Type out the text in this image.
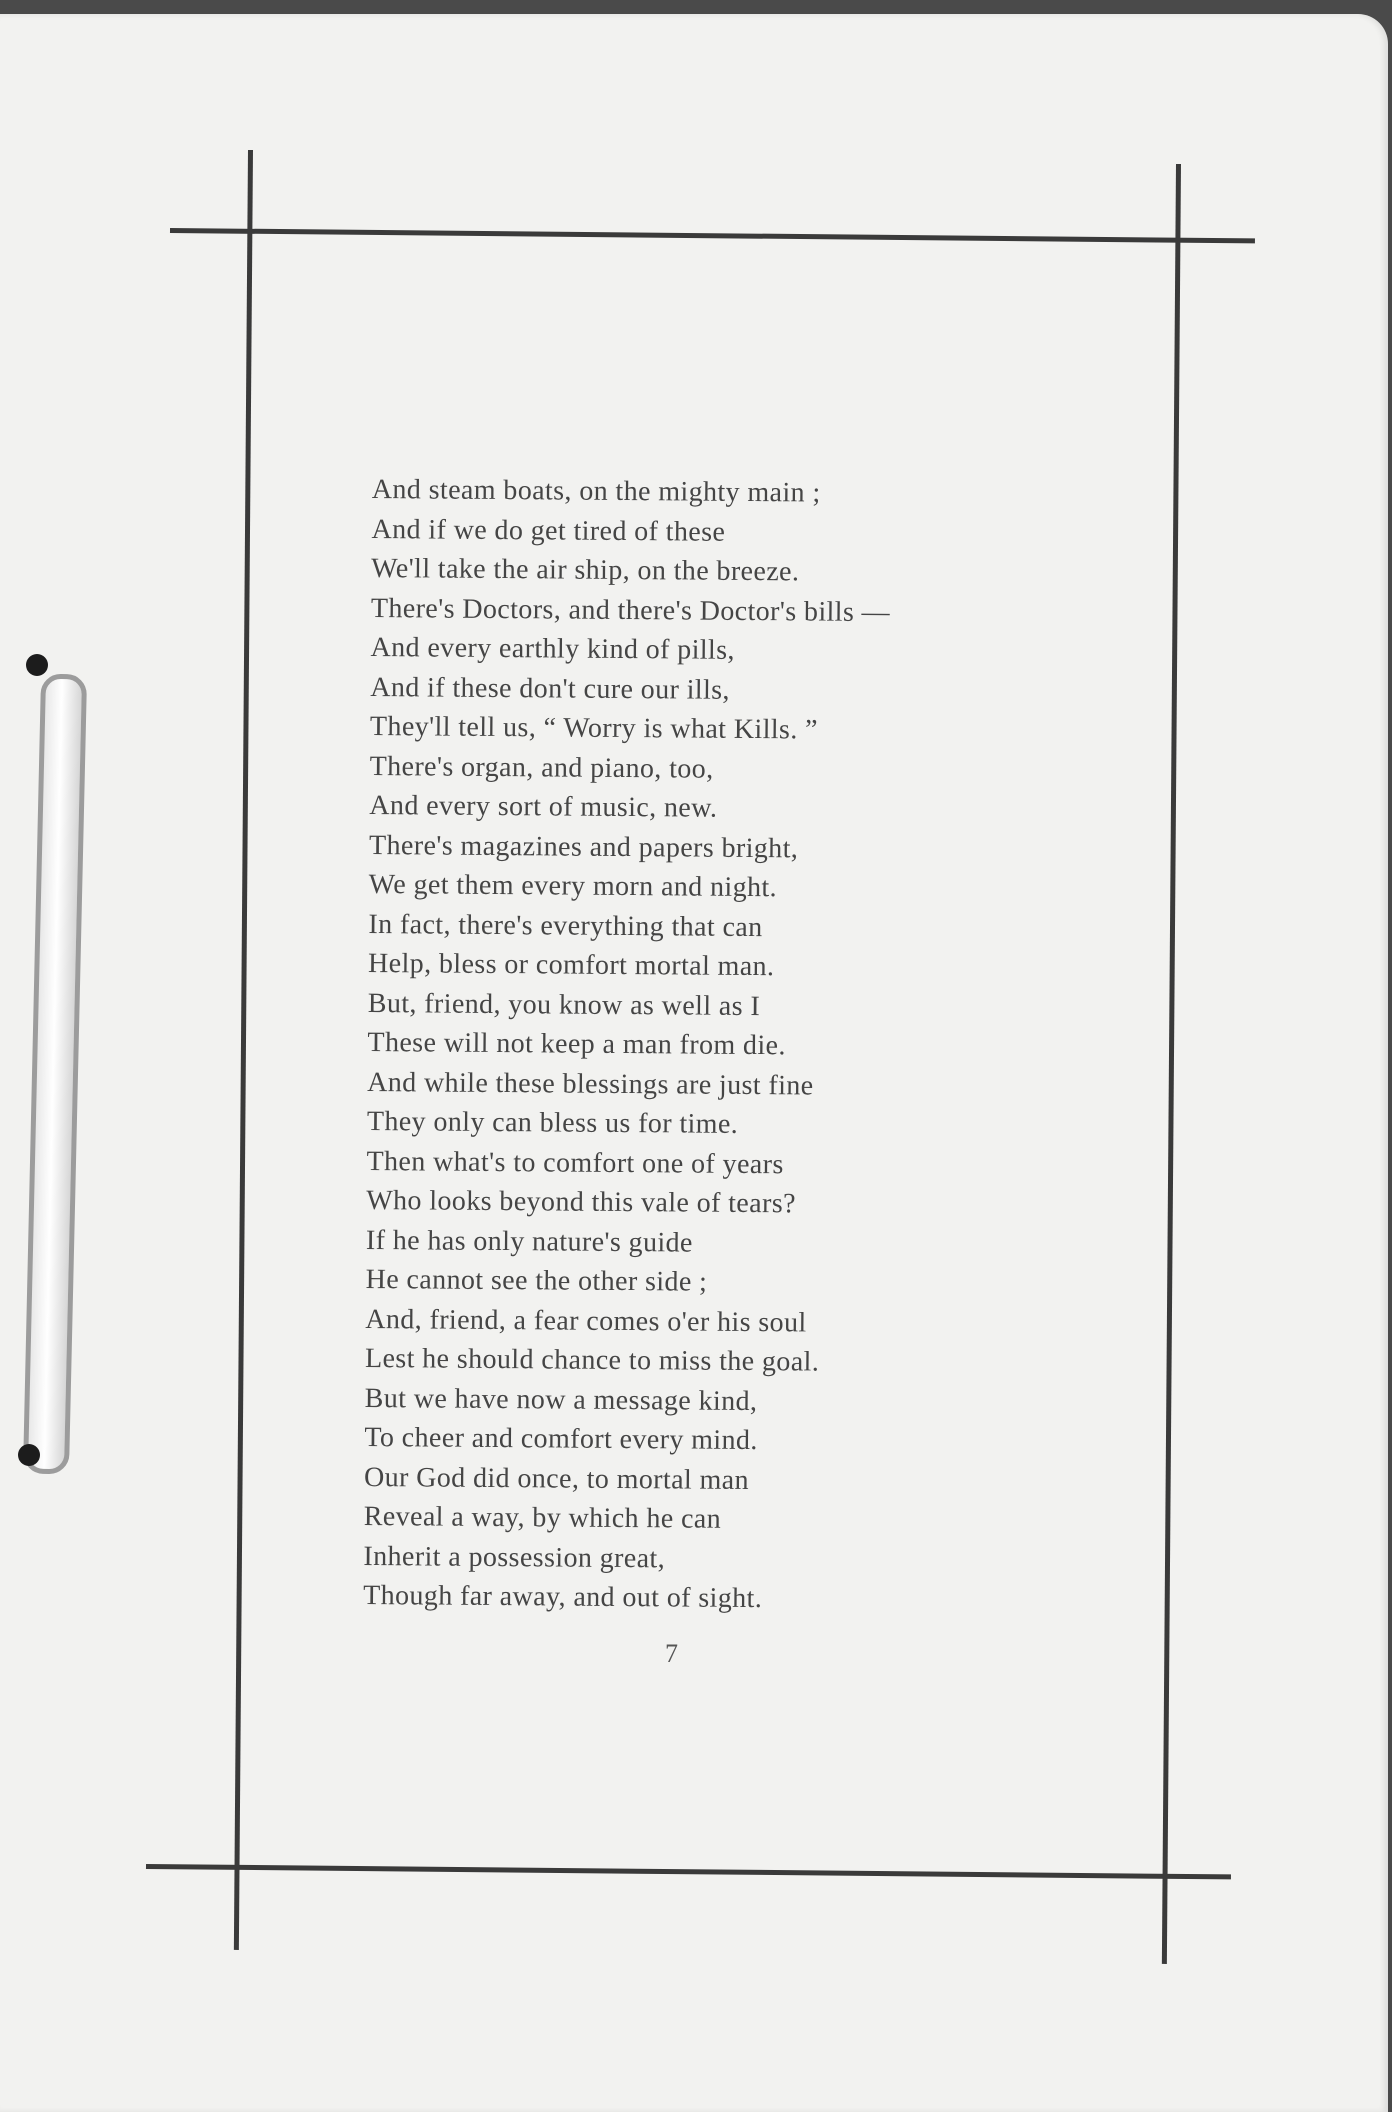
And steam boats, on the mighty main ;
And if we do get tired of these
We'll take the air ship, on the breeze.
There's Doctors, and there's Doctor's bills —
And every earthly kind of pills,
And if these don't cure our ills,
They'll tell us, “ Worry is what Kills. ”
There's organ, and piano, too,
And every sort of music, new.
There's magazines and papers bright,
We get them every morn and night.
In fact, there's everything that can
Help, bless or comfort mortal man.
But, friend, you know as well as I
These will not keep a man from die.
And while these blessings are just fine
They only can bless us for time.
Then what's to comfort one of years
Who looks beyond this vale of tears?
If he has only nature's guide
He cannot see the other side ;
And, friend, a fear comes o'er his soul
Lest he should chance to miss the goal.
But we have now a message kind,
To cheer and comfort every mind.
Our God did once, to mortal man
Reveal a way, by which he can
Inherit a possession great,
Though far away, and out of sight.
7
